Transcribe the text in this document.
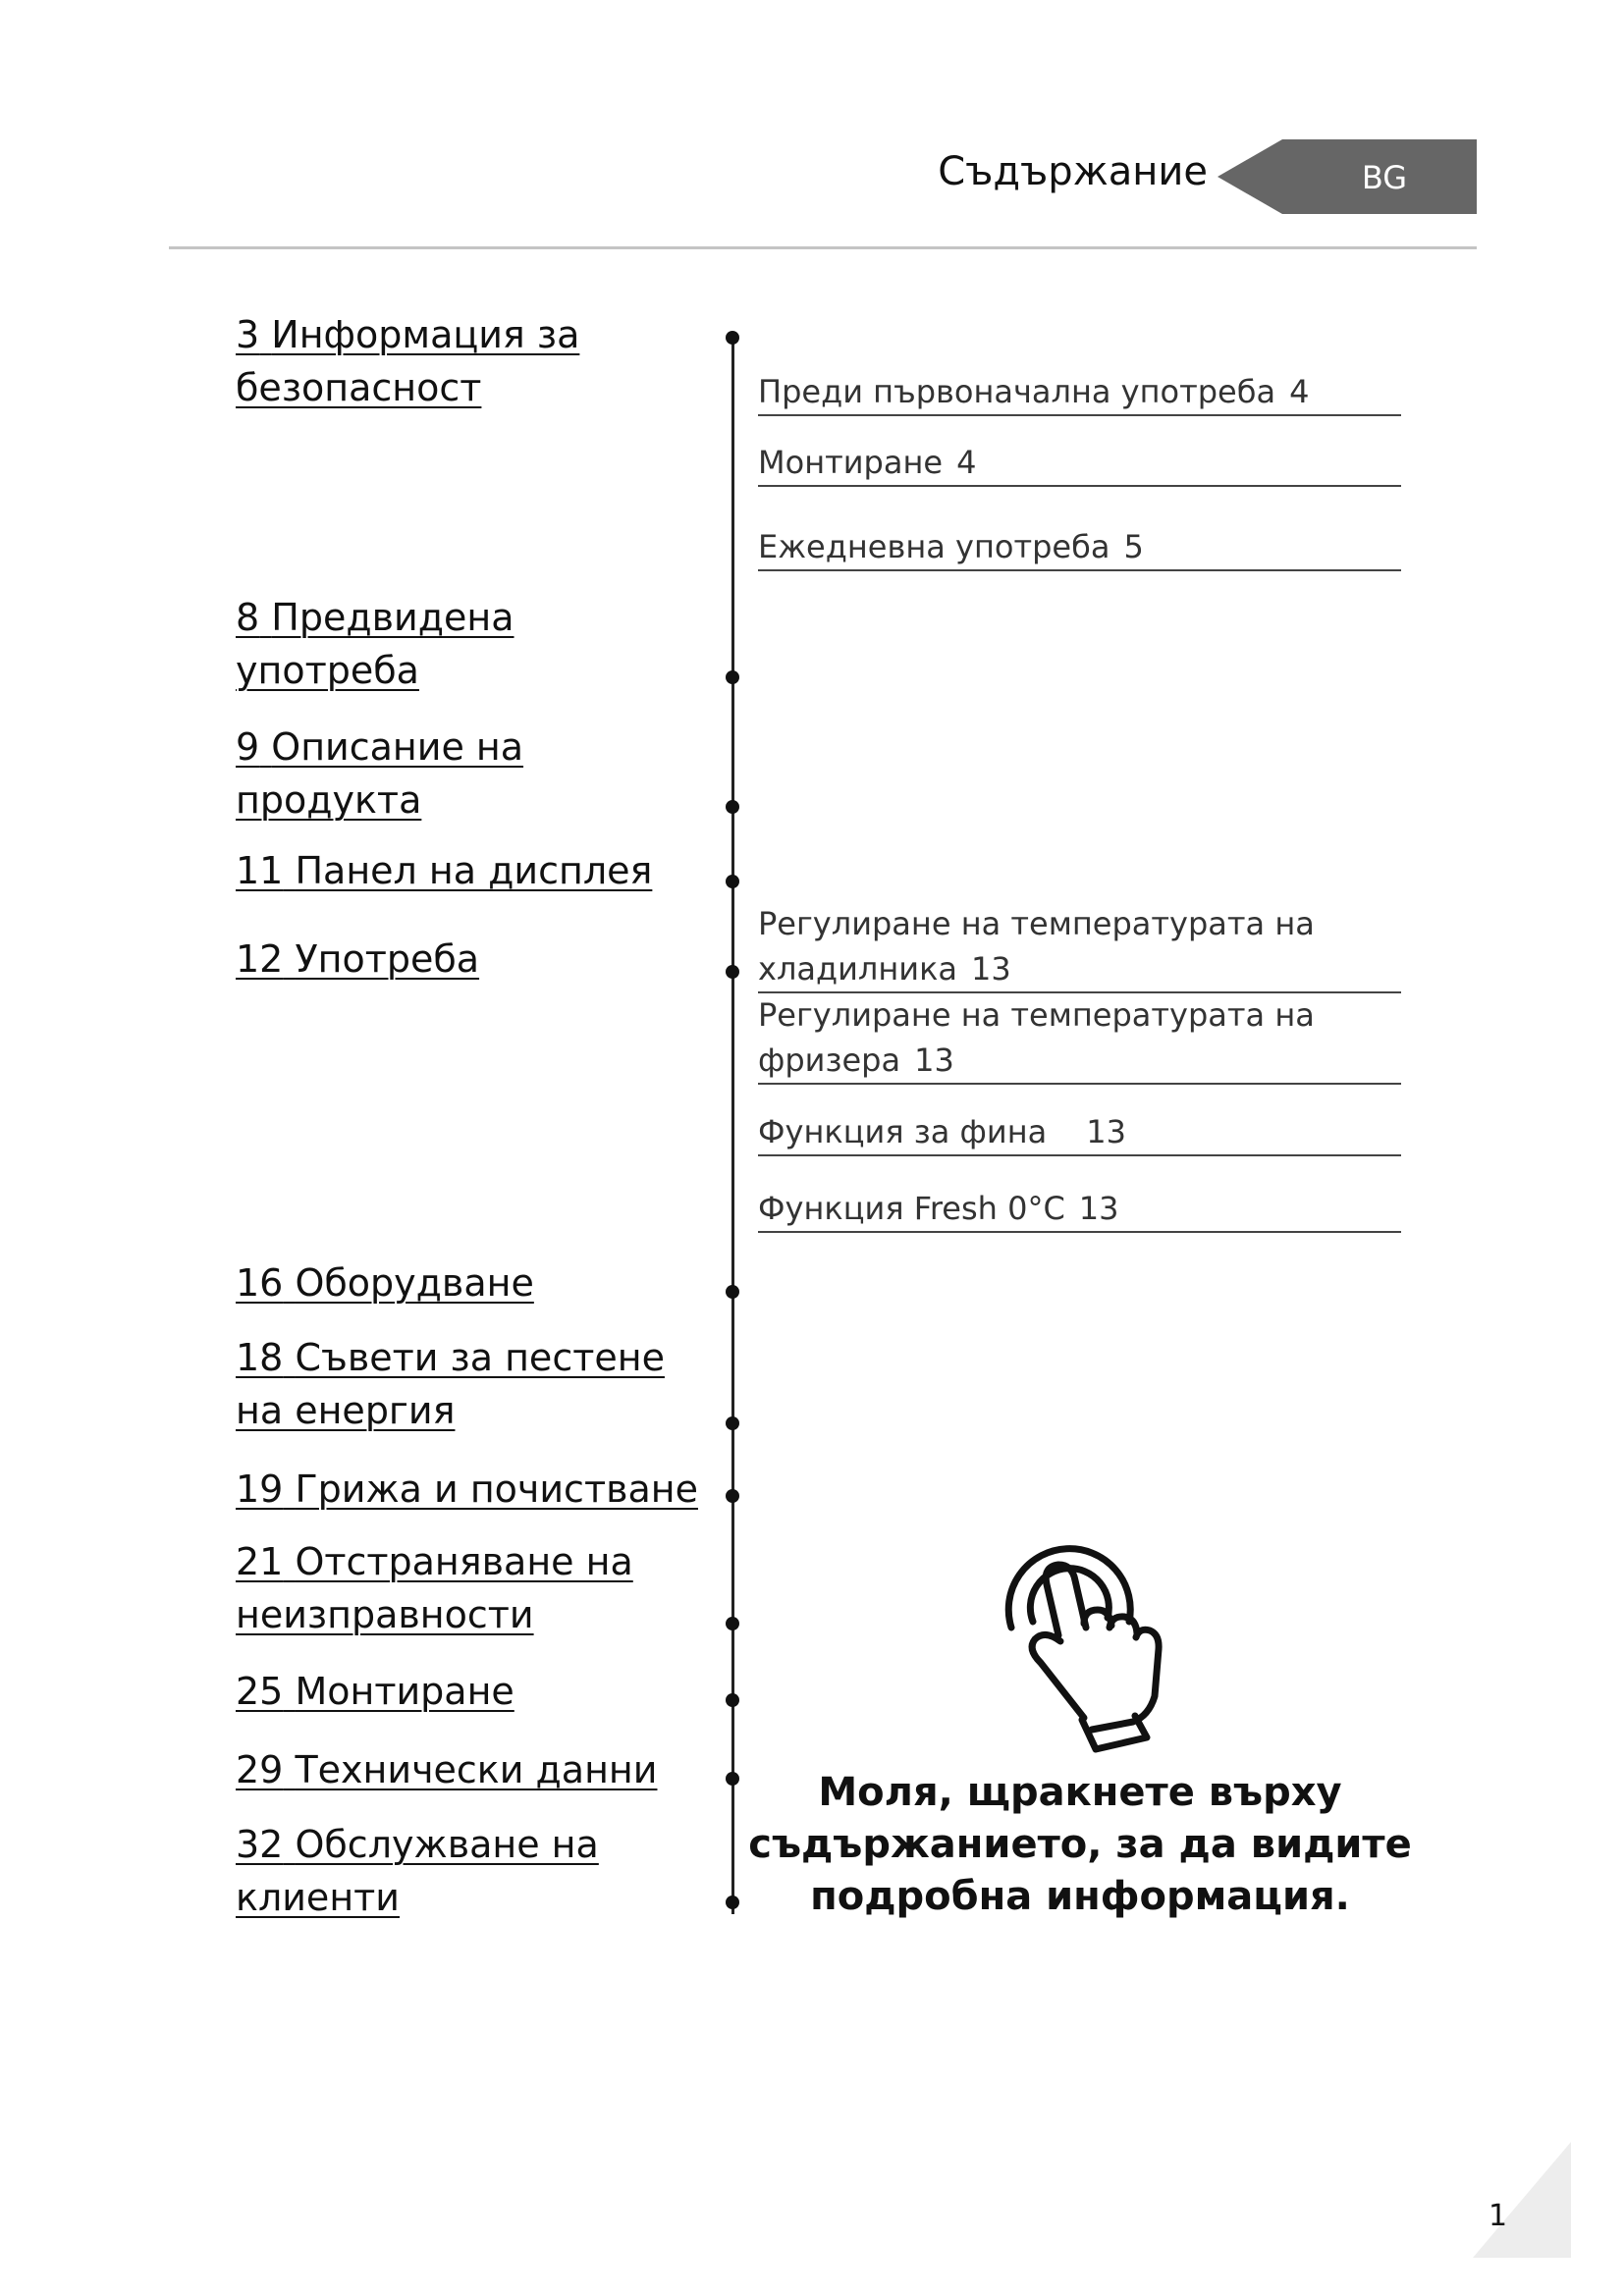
Съдържание	BG
3 Информация за безопасност
8 Предвидена употреба
9 Описание на продукта
11 Панел на дисплея
12 Употреба
16 Оборудване
18 Съвети за пестене на енергия
19 Грижа и почистване
21 Отстраняване на неизправности
25 Монтиране
29 Технически данни
32 Обслужване на клиенти
Преди първоначална употреба 4
Монтиране 4
Ежедневна употреба 5
Регулиране на температурата на хладилника 13
Регулиране на температурата на фризера 13
Функция за фина 13
Функция Fresh 0°C 13
Моля, щракнете върху съдържанието, за да видите подробна информация.
1
